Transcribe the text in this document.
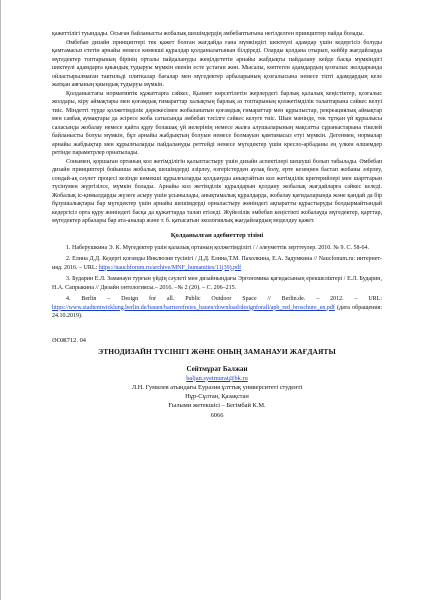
қажеттілігі туындады. Осыған байланысты жобалық шешімдердің әмбебаптығына негізделген принциптер пайда болады.

Әмбебап дизайн принциптері тек қажет болған жағдайда ғана мүмкіндігі шектеулі адамдар үшін кедергісіз болуды қамтамасыз ететін арнайы немесе көмекші құралдар қолданылатынын білдіреді. Оларды қолдана отырып, кейбір жағдайларда мүгедектер топтарының бірінің орталы пайдалануды жеңілдететін арнайы жабдықты пайдалану кейде басқа мүмкіндігі шектеулі адамдарға қиындық тудыруы мүмкін екенін есте ұстаған жөн. Мысалы, көптеген адамдардың қозғалыс жолдарында ойластырылмаған тактильді плиткалар бағалар мен мүгедектер арбаларының қозғалысына немесе тіпті адамдардың келе жатқан аяғының қиындық тудыруы мүмкін.

Қолданыстағы нормативтік құжаттарға сәйкес, Қызмет көрсетілетін жерлердегі барлық қалалық кеңістіктер, қозғалыс жолдары, кіру аймақтары мен қоғамдық ғимараттар халықтың барлық аз топтарының қолжетімділік талаптарына сәйкес келуі тиіс. Міндетті түрде қолжетімділік дәрежесімен жобаланатын қоғамдық ғимараттар мен құрылыстар, рекреациялық аймақтар мен саябақ аумақтары да әсіресе жоба сатысында әмбебап тәсілге сәйкес келуге тиіс. Шын мәнінде, тек тұтқан үй құрылысы саласында жобалау немесе қайта құру болашақ үй иелерінің немесе жалға алушыларының мақсатты сұраныстарына тікелей байланысты болуы мүмкін, бұл арнайы жабдықтың болуын немесе болмауын қамтамасыз етуі мүмкін. Дегенмен, нормалар арнайы жабдықтар мен құрылғыларды пайдалануды реттейді немесе мүгедектер үшін кресло-арбаданы ең үлкен өлшемдер ретінде параметрлер орнатылады.

Сонымен, қоршаған ортаның кол жетімділігін қалыптастыру үшін дизайн аспектілері шешуші болып табылады. Әмбебап дизайн принциптері бойынша жобалық шешімдерді әзірлеу, өзгерістерден аулақ болу, ерте кезеңнен бастап жобаны әзірлеу, сондай-ақ сәулет процесі кезінде көмекші құрылғыларды қолдануды анықтайтын кол жетімділік критерийлері мен шарттарын түсінумен жүргізілсе, мүмкін болады. Арнайы кол жетімділік құралдарын қолдану жобалық жағдайларға сәйкес келеді. Жобалық іс-қимылдарды жүзеге асыру үшін ұсынылады, анықтамалық құралдарда, жобалау қағидаларында және қандай да бір бұзушылықтары бар мүгедектер үшін арнайы шешімдерді орналастыру жөніндегі ақпаратты құрастыруды болдырмайтындай кедергісіз орта құру жөніндегі басқа да құжаттарда талап етіледі. Жүйелілік әмбебап кеңістікті жобалауда мүгедектер, қарттар, мүгедектер арбалары бар ата-аналар және т. б. қатысатын экологиялық жағдайлардың моделдеу қажет.

Қолданылған әдебиеттер тізімі

1. Наберушкина Э. К. Мүгедектер үшін қалалық ортаның қолжетімділігі / / әлеуметтік зерттеулер. 2010. № 9. С. 58-64.

2. Елина Д.Д. Кедергі қоғамды Инклюзия түсінігі / Д.Д. Елина,Т.М. Пахолкина, Е.А. Задумкина // Naucfonum.ru: интернет-ияд. 2016. – URL: https://nauchforum.ru/archive/MNF_humanities/11(39).pdf

3. Бударин Е.Л. Заманауи турғын үйдің сәулеті мен дизайнындағы Эргономика қағидасының ерекшеліктері / Е.Л. Бударин, Н.А. Сапрыкина // Дизайн онтологиясы.– 2016. –№ 2 (20). – С. 206–215.

4. Berlin – Design for all. Public Outdoor Space // Berlin.de. – 2012. – URL: https://www.stadtentwicklung.berlin.de/bauen/barrierefreies_bauen/download/designforall/apb_red_broschure_en.pdf (дата обращения: 24.10.2019).

ӘОЖ712. 04
ЭТНОДИЗАЙН ТҮСІНІГІ ЖӘНЕ ОНЫҢ ЗАМАНАУИ ЖАҒДАЯТЫ
Сейтмұрат Балжан
baljan.syetmurat@bk.ru
Л.Н. Гумилев атындағы Еуразия ұлттық университеті студенті
Нұр-Сұлтан, Қазақстан
Ғылыми жетекшісі – Бегімбай К.М.
6066
